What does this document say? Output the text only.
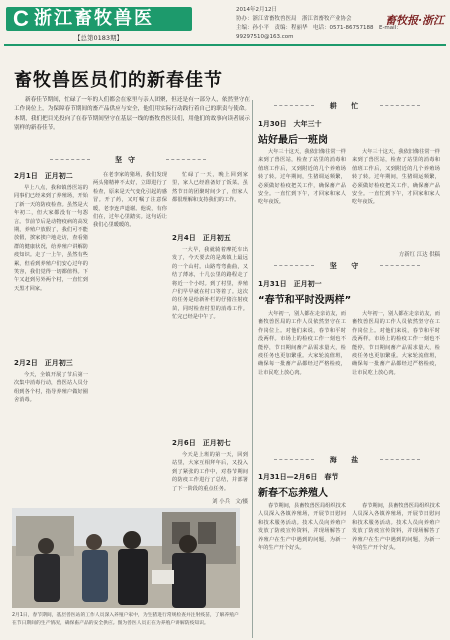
C 浙江畜牧兽医
【总第0183期】
2014年2月12日
协办：浙江省畜牧兽医局　浙江省畜牧产业协会
主编：孙小平　责编：程丽华　电话：0571-86757188　E-mail：99297510@163.com
畜牧报·浙江
畜牧兽医员们的新春佳节
新春佳节期间，忙碌了一年的人们都会在家里与亲人团聚，但还是有一部分人，依然坚守在工作岗位上，为保障春节期间的畜产品供应与安全，他们用实际行动践行着自己的职责与使命。本期，我们把目光投向了在春节期间坚守在基层一线的畜牧兽医员们，用他们的故事向读者展示别样的新春佳节。
坚守
2月1日　正月初二
早上八点，我和镇兽医站的同事们已经来到了养殖场，开始了新一天的防疫检查。虽然是大年初二，但大家都没有一句怨言。节前节后是动物疫病的高发期，养殖户放假了，我们可不能放假，挨家挨户地走访，查看猪群的健康状况，给养殖户讲解防疫知识。走了一上午，虽然有些累，但看到养殖户们安心过年的笑容，我们觉得一切都值得。下午又赶到另外两个村，一直忙到天黑才回家。
在老李家的猪场，我们发现两头猪精神不太好，立即进行了检查，原来是天气变化引起的感冒。开了药，又叮嘱了注意保暖，老李连声道谢。他说，有你们在，过年心里踏实。这句话让我们心里暖暖的。
忙碌了一天，晚上回到家里，家人已经准备好了饭菜。虽然节日的团聚时间少了，但家人都很理解和支持我们的工作。
2月4日　正月初五
一大早，我就骑着摩托车出发了，今天要去的是离镇上最远的一个山村。山路弯弯曲曲，又结了薄冰，十几公里的路程走了将近一个小时。到了村里，养殖户们早早就在村口等着了。这次的任务是给新补栏的仔猪注射疫苗，同时检查村里的消毒工作。忙完已经是中午了。
2月2日　正月初三
今天，全镇开展了节后第一次集中消毒行动，兽医站人员分组到各个村，指导养殖户做好圈舍消毒。
2月6日　正月初七
今天是上班的第一天，回到站里，大家互相拜年后，又投入到了紧张的工作中，对春节期间的防疫工作进行了总结，并部署了下一阶段的重点任务。
刘 小兵　文/摄
2月1日，春节期间，基层兽医站的工作人员深入养殖户家中，为生猪进行常规检查并注射疫苗，了解养殖户在节日期间的生产情况，确保畜产品的安全供应。图为兽医人员正在为养殖户讲解防疫知识。
耕 忙
1月30日　大年三十
站好最后一班岗
大年三十这天，我依旧像往常一样来到了兽医站，检查了站里的消毒和值班工作后，又到附近的几个养殖场转了转。过年期间，生猪调运频繁，必须做好检疫把关工作，确保畜产品安全。一直忙到下午，才回家和家人吃年夜饭。
大年三十这天，我依旧像往常一样来到了兽医站，检查了站里的消毒和值班工作后，又到附近的几个养殖场转了转。过年期间，生猪调运频繁，必须做好检疫把关工作，确保畜产品安全。一直忙到下午，才回家和家人吃年夜饭。
方新红 江达 供稿
坚 守
1月31日　正月初一
“春节和平时没两样”
大年初一，别人都在走亲访友，而畜牧兽医局的工作人员依然坚守在工作岗位上。对他们来说，春节和平时没两样。市场上的检疫工作一刻也不能停，节日期间畜产品需求量大，检疫任务也更加繁重。大家轮流值班，确保每一批畜产品都经过严格检疫，让市民吃上放心肉。
大年初一，别人都在走亲访友，而畜牧兽医局的工作人员依然坚守在工作岗位上。对他们来说，春节和平时没两样。市场上的检疫工作一刻也不能停，节日期间畜产品需求量大，检疫任务也更加繁重。大家轮流值班，确保每一批畜产品都经过严格检疫，让市民吃上放心肉。
海 盐
1月31日—2月6日　春节
新春不忘养殖人
春节期间，县畜牧兽医局组织技术人员深入各镇养殖场，开展节日慰问和技术服务活动。技术人员向养殖户发放了防疫宣传资料，并现场解答了养殖户在生产中遇到的问题，为新一年的生产开个好头。
春节期间，县畜牧兽医局组织技术人员深入各镇养殖场，开展节日慰问和技术服务活动。技术人员向养殖户发放了防疫宣传资料，并现场解答了养殖户在生产中遇到的问题，为新一年的生产开个好头。
